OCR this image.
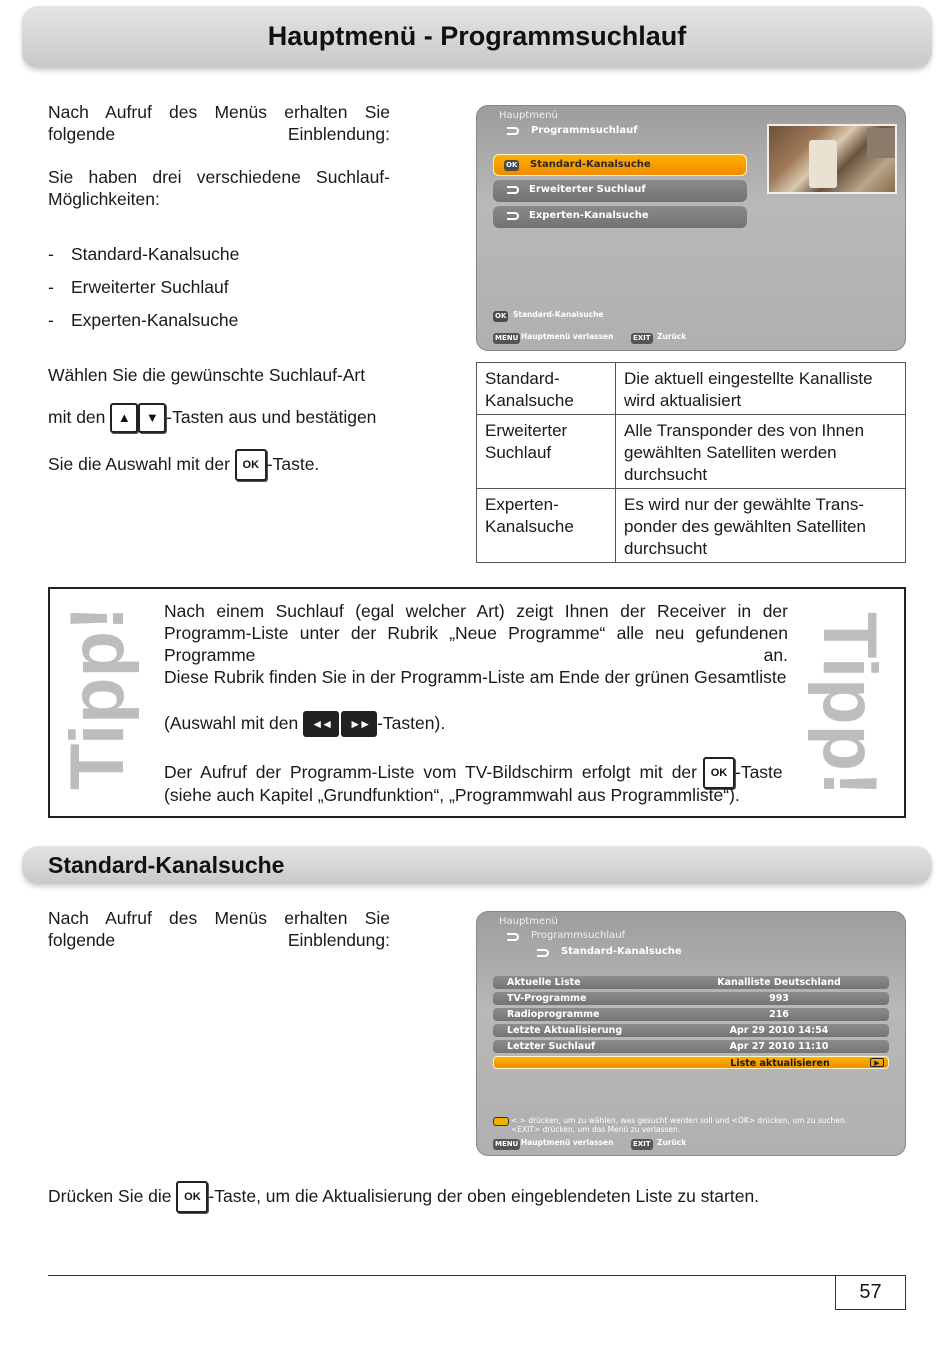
Hauptmenü - Programmsuchlauf
Nach Aufruf des Menüs erhalten Sie folgende Einblendung:
Sie haben drei verschiedene Suchlauf-Möglichkeiten:
- Standard-Kanalsuche
- Erweiterter Suchlauf
- Experten-Kanalsuche
Wählen Sie die gewünschte Suchlauf-Art
mit den ▲ ▼ -Tasten aus und bestätigen
Sie die Auswahl mit der OK -Taste.
Hauptmenü
Programmsuchlauf
OK Standard-Kanalsuche
Erweiterter Suchlauf
Experten-Kanalsuche
OK Standard-Kanalsuche
MENU Hauptmenü verlassen	EXIT Zurück
Standard-Kanalsuche	Die aktuell eingestellte Kanalliste wird aktualisiert
Erweiterter Suchlauf	Alle Transponder des von Ihnen gewählten Satelliten werden durchsucht
Experten-Kanalsuche	Es wird nur der gewählte Trans-ponder des gewählten Satelliten durchsucht
Tipp!	Tipp!
Nach einem Suchlauf (egal welcher Art) zeigt Ihnen der Receiver in der Programm-Liste unter der Rubrik „Neue Programme“ alle neu gefundenen Programme an.
Diese Rubrik finden Sie in der Programm-Liste am Ende der grünen Gesamtliste
(Auswahl mit den ◄◄ ►► -Tasten).
Der Aufruf der Programm-Liste vom TV-Bildschirm erfolgt mit der OK -Taste
(siehe auch Kapitel „Grundfunktion“, „Programmwahl aus Programmliste“).
Standard-Kanalsuche
Nach Aufruf des Menüs erhalten Sie folgende Einblendung:
Hauptmenü
Programmsuchlauf
Standard-Kanalsuche
Aktuelle Liste	Kanalliste Deutschland
TV-Programme	993
Radioprogramme	216
Letzte Aktualisierung	Apr 29 2010 14:54
Letzter Suchlauf	Apr 27 2010 11:10
Liste aktualisieren	▶
< > drücken, um zu wählen, was gesucht werden soll und <OK> drücken, um zu suchen. <EXIT> drücken, um das Menü zu verlassen.
MENU Hauptmenü verlassen	EXIT Zurück
Drücken Sie die OK -Taste, um die Aktualisierung der oben eingeblendeten Liste zu starten.
57
